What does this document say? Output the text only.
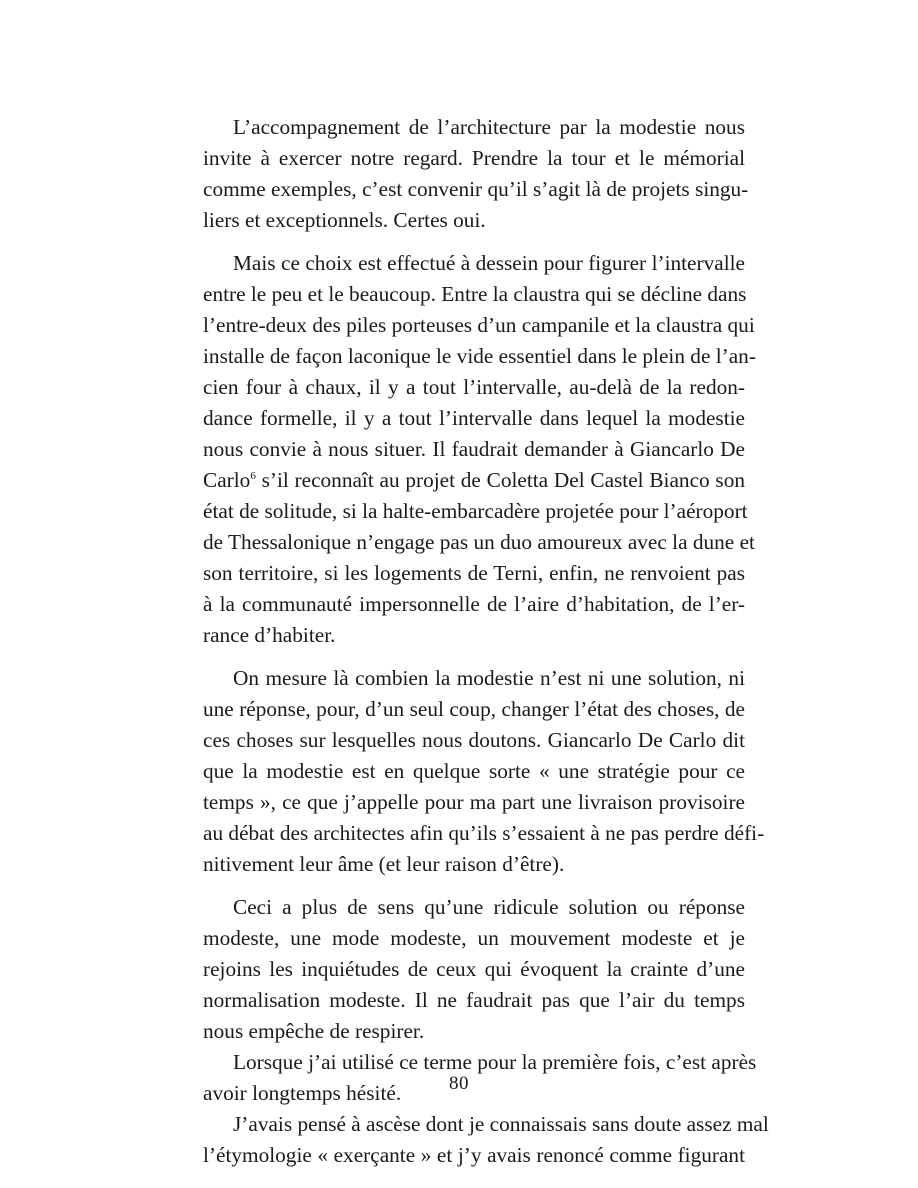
L’accompagnement de l’architecture par la modestie nous
invite à exercer notre regard. Prendre la tour et le mémorial
comme exemples, c’est convenir qu’il s’agit là de projets singu-
liers et exceptionnels. Certes oui.
Mais ce choix est effectué à dessein pour figurer l’intervalle
entre le peu et le beaucoup. Entre la claustra qui se décline dans
l’entre-deux des piles porteuses d’un campanile et la claustra qui
installe de façon laconique le vide essentiel dans le plein de l’an-
cien four à chaux, il y a tout l’intervalle, au-delà de la redon-
dance formelle, il y a tout l’intervalle dans lequel la modestie
nous convie à nous situer. Il faudrait demander à Giancarlo De
Carlo$^6$ s’il reconnaît au projet de Coletta Del Castel Bianco son
état de solitude, si la halte-embarcadère projetée pour l’aéroport
de Thessalonique n’engage pas un duo amoureux avec la dune et
son territoire, si les logements de Terni, enfin, ne renvoient pas
à la communauté impersonnelle de l’aire d’habitation, de l’er-
rance d’habiter.
On mesure là combien la modestie n’est ni une solution, ni
une réponse, pour, d’un seul coup, changer l’état des choses, de
ces choses sur lesquelles nous doutons. Giancarlo De Carlo dit
que la modestie est en quelque sorte « une stratégie pour ce
temps », ce que j’appelle pour ma part une livraison provisoire
au débat des architectes afin qu’ils s’essaient à ne pas perdre défi-
nitivement leur âme (et leur raison d’être).
Ceci a plus de sens qu’une ridicule solution ou réponse
modeste, une mode modeste, un mouvement modeste et je
rejoins les inquiétudes de ceux qui évoquent la crainte d’une
normalisation modeste. Il ne faudrait pas que l’air du temps
nous empêche de respirer.
Lorsque j’ai utilisé ce terme pour la première fois, c’est après
avoir longtemps hésité.
J’avais pensé à ascèse dont je connaissais sans doute assez mal
l’étymologie « exerçante » et j’y avais renoncé comme figurant
80
